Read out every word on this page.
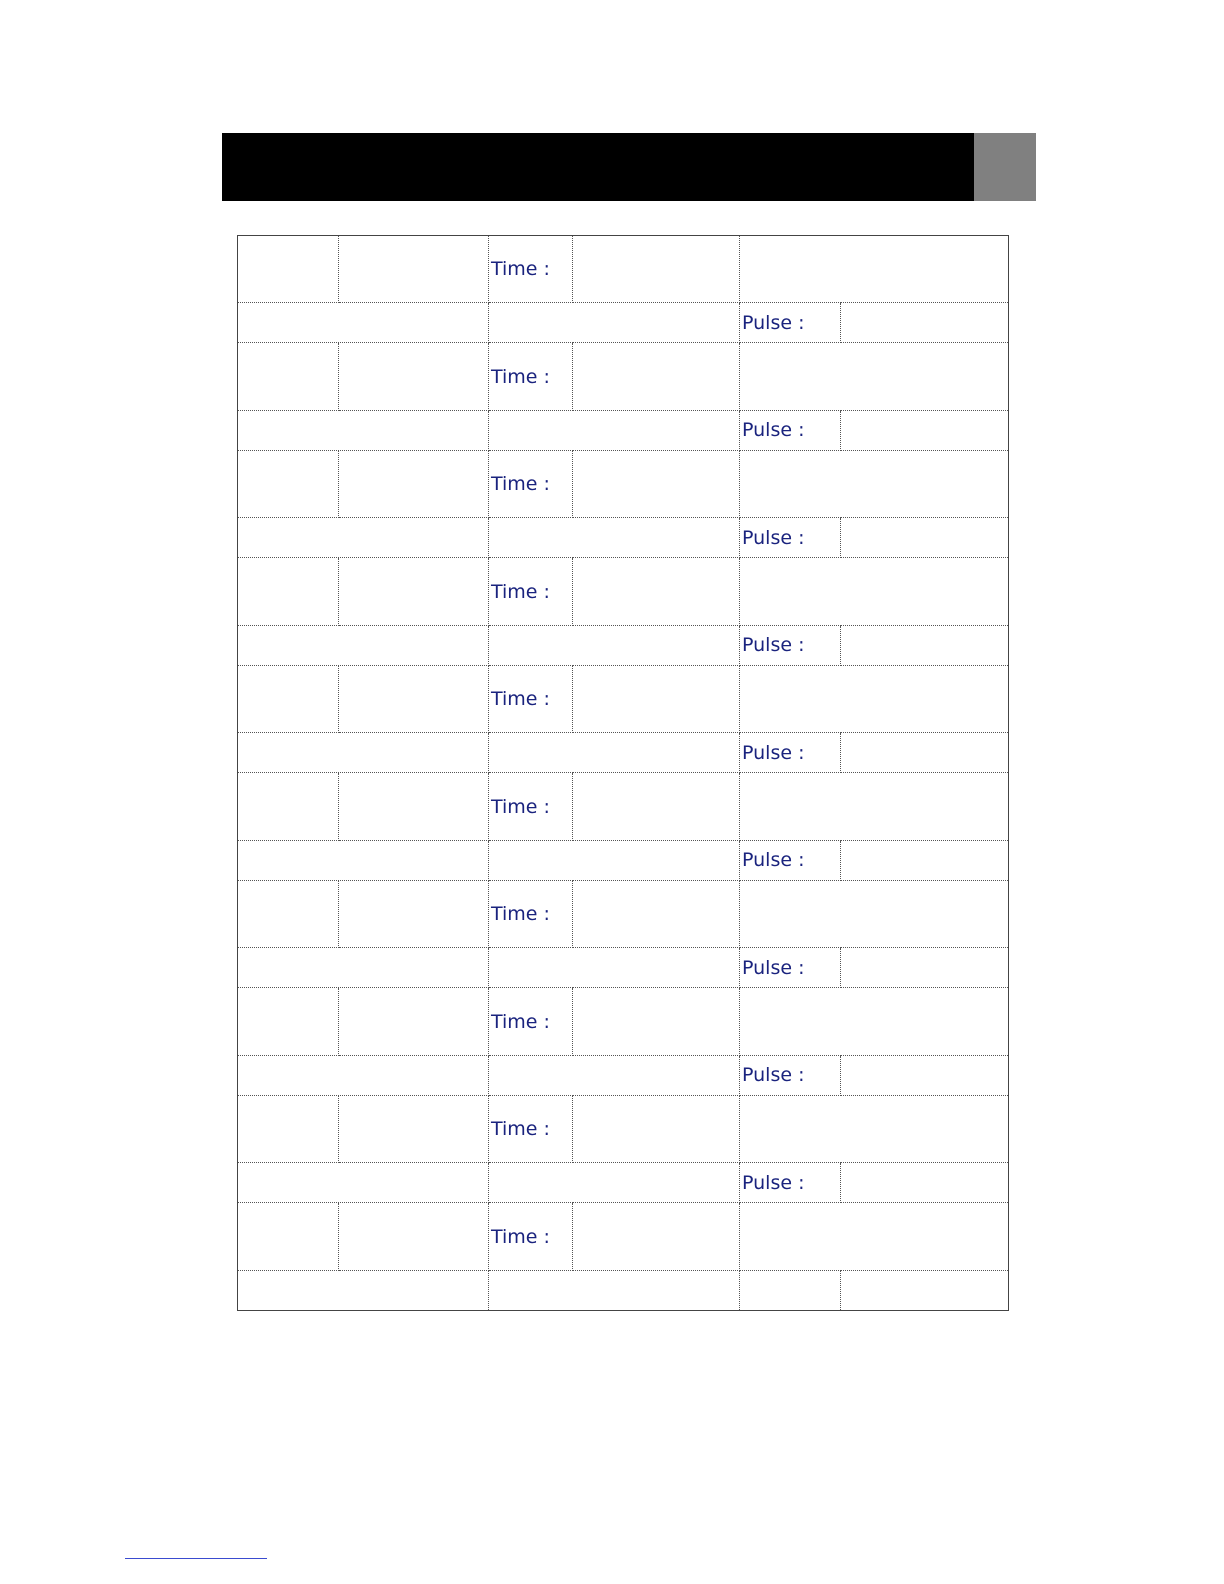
		Time :			
				Pulse :	
		Time :			
				Pulse :	
		Time :			
				Pulse :	
		Time :			
				Pulse :	
		Time :			
				Pulse :	
		Time :			
				Pulse :	
		Time :			
				Pulse :	
		Time :			
				Pulse :	
		Time :			
				Pulse :	
		Time :			
